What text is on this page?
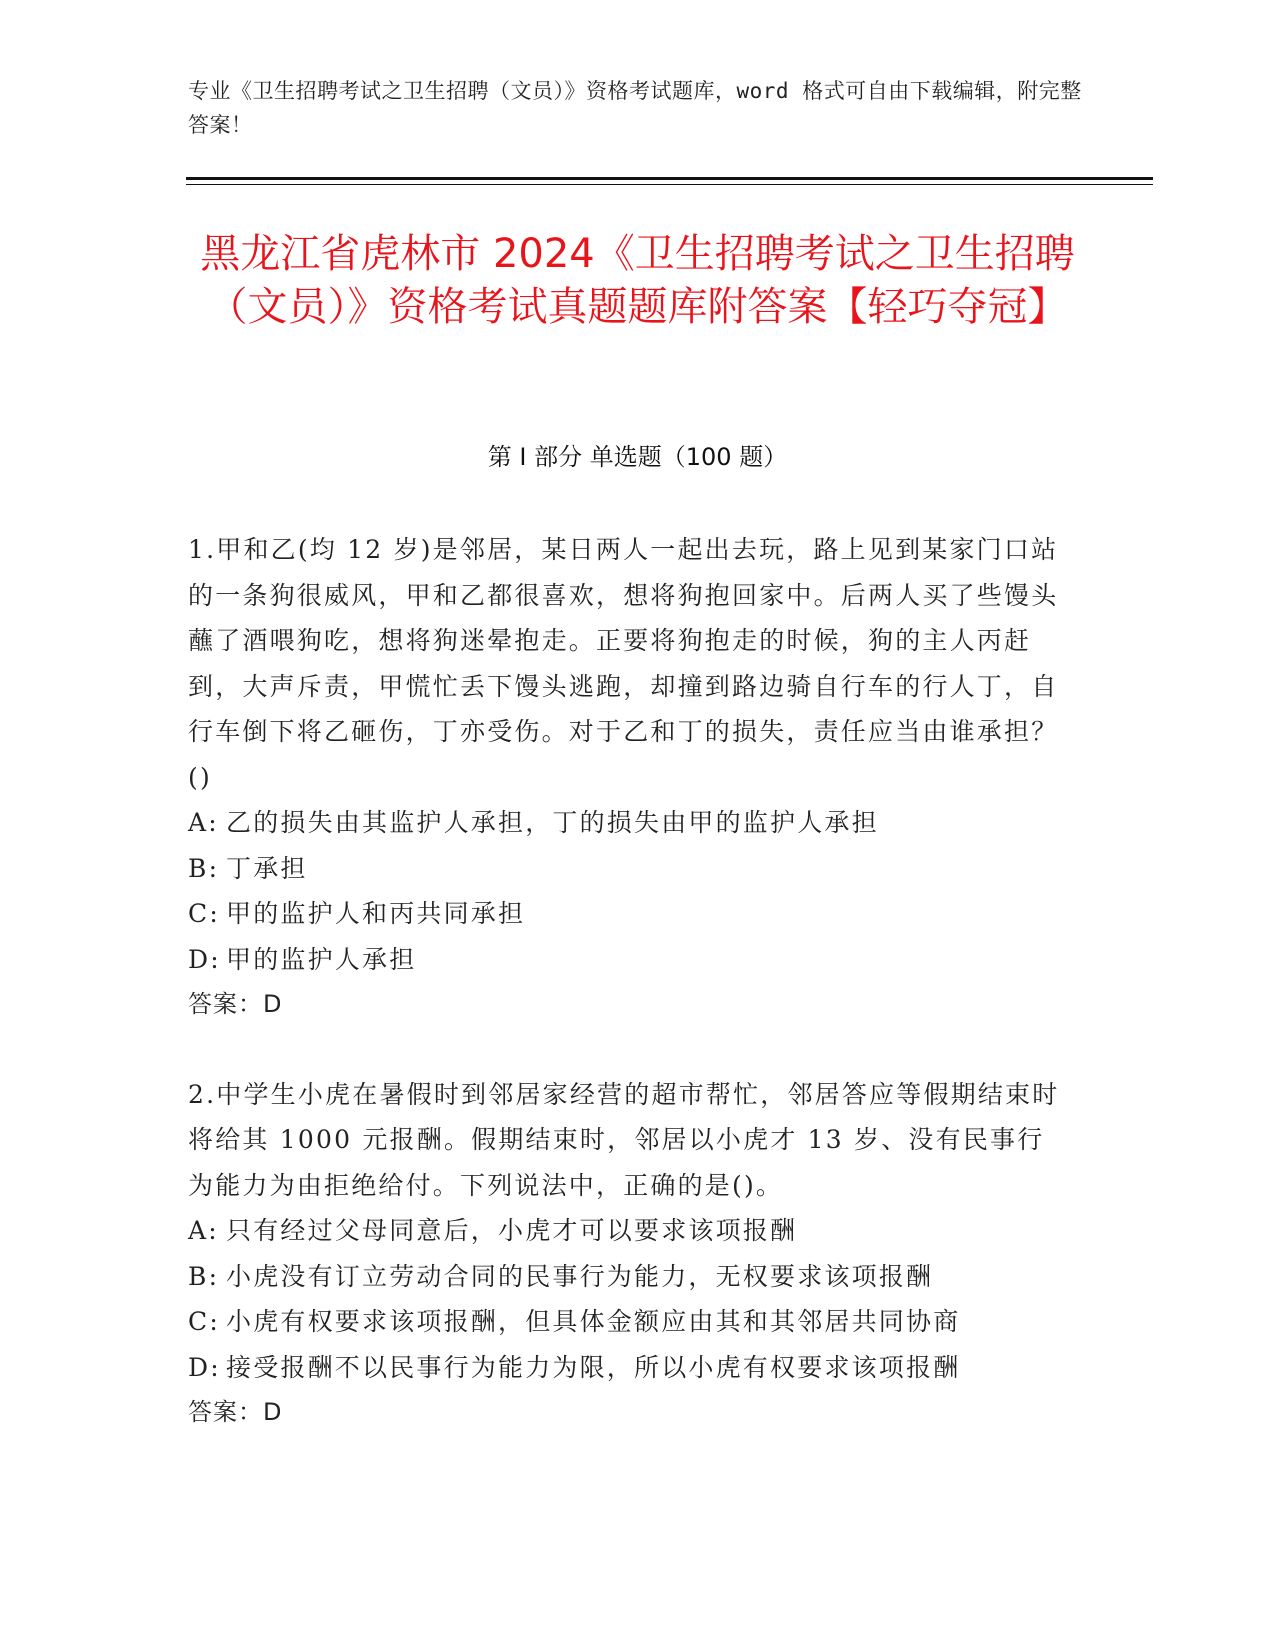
专业《卫生招聘考试之卫生招聘（文员）》资格考试题库，word 格式可自由下载编辑，附完整答案！
黑龙江省虎林市 2024《卫生招聘考试之卫生招聘（文员）》资格考试真题题库附答案【轻巧夺冠】
第 I 部分 单选题（100 题）

1.甲和乙(均 12 岁)是邻居，某日两人一起出去玩，路上见到某家门口站的一条狗很威风，甲和乙都很喜欢，想将狗抱回家中。后两人买了些馒头蘸了酒喂狗吃，想将狗迷晕抱走。正要将狗抱走的时候，狗的主人丙赶到，大声斥责，甲慌忙丢下馒头逃跑，却撞到路边骑自行车的行人丁，自行车倒下将乙砸伤，丁亦受伤。对于乙和丁的损失，责任应当由谁承担？()

A: 乙的损失由其监护人承担，丁的损失由甲的监护人承担
B: 丁承担
C: 甲的监护人和丙共同承担
D: 甲的监护人承担
答案：D

2.中学生小虎在暑假时到邻居家经营的超市帮忙，邻居答应等假期结束时将给其 1000 元报酬。假期结束时，邻居以小虎才 13 岁、没有民事行为能力为由拒绝给付。下列说法中，正确的是()。

A: 只有经过父母同意后，小虎才可以要求该项报酬
B: 小虎没有订立劳动合同的民事行为能力，无权要求该项报酬
C: 小虎有权要求该项报酬，但具体金额应由其和其邻居共同协商
D: 接受报酬不以民事行为能力为限，所以小虎有权要求该项报酬
答案：D
